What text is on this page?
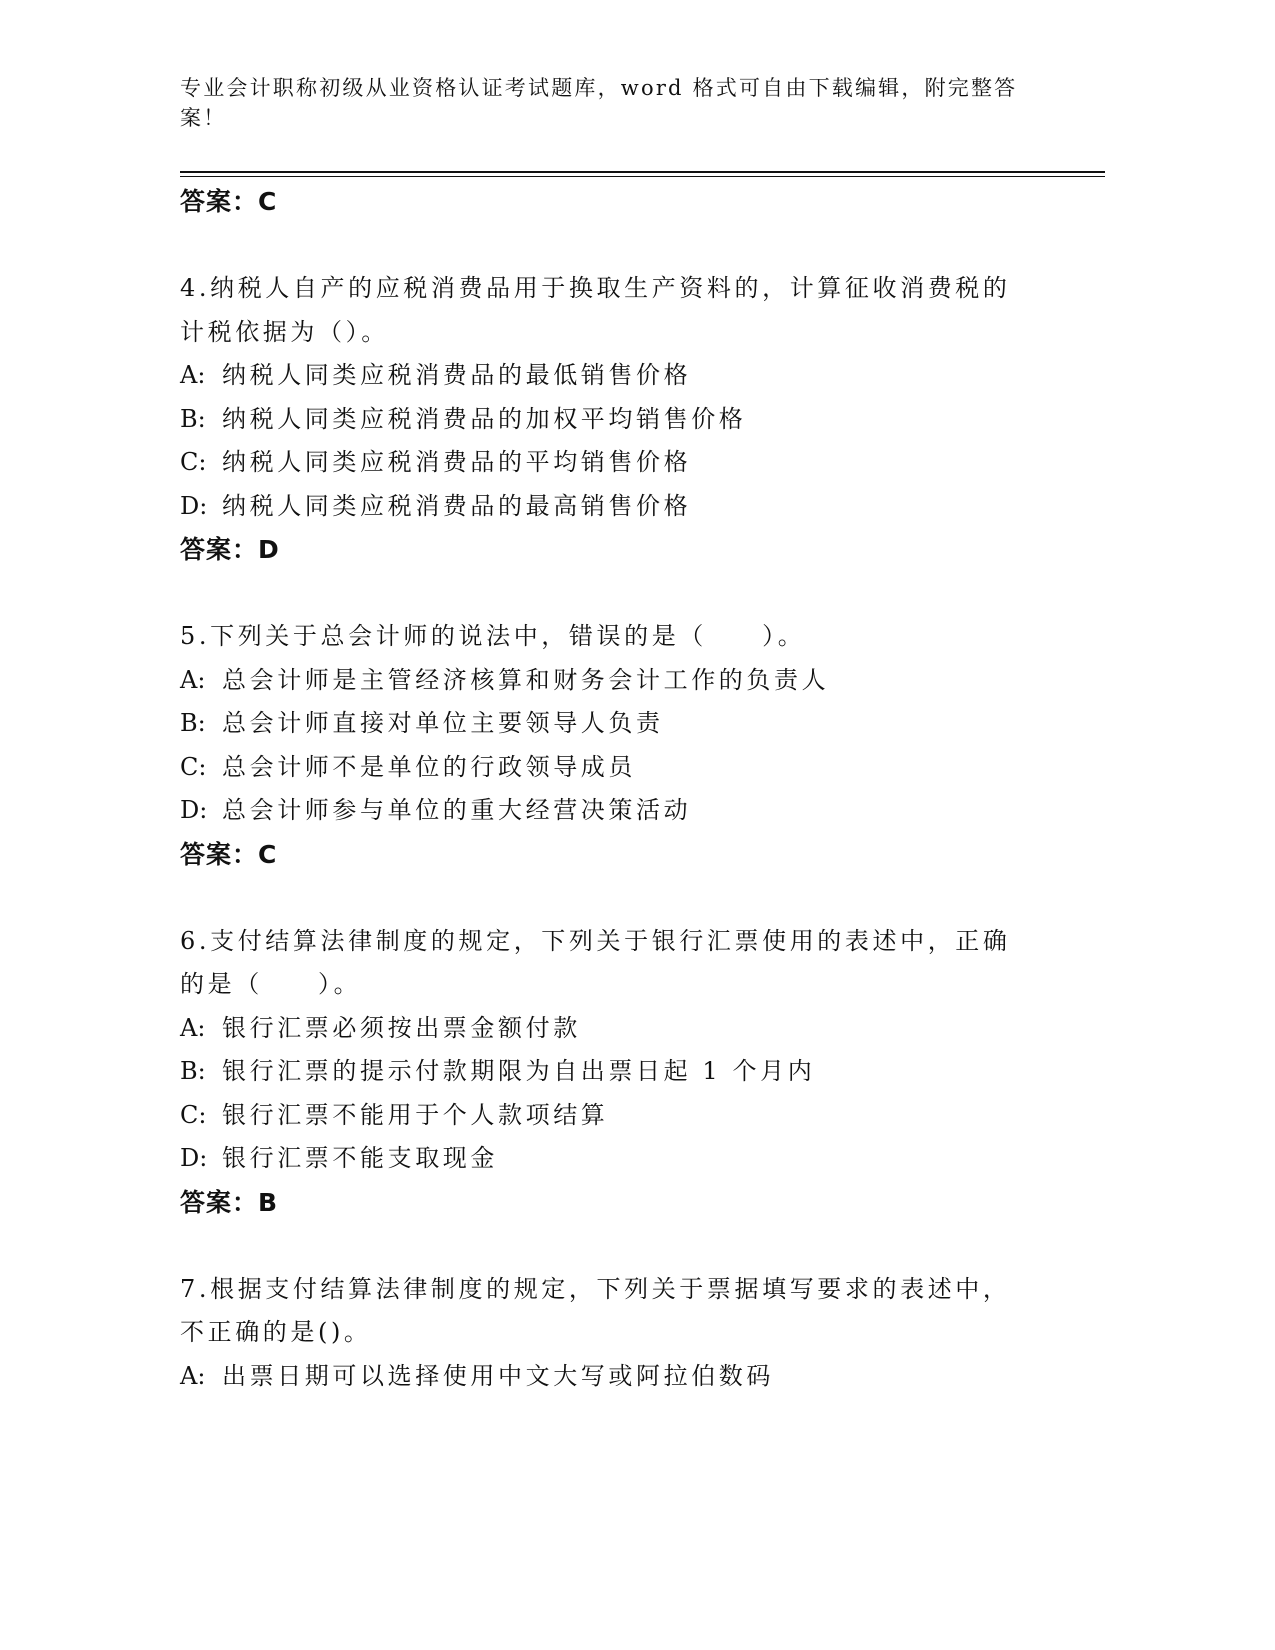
专业会计职称初级从业资格认证考试题库，word 格式可自由下载编辑，附完整答
案！
答案：C
4.纳税人自产的应税消费品用于换取生产资料的，计算征收消费税的
计税依据为（）。
A: 纳税人同类应税消费品的最低销售价格
B: 纳税人同类应税消费品的加权平均销售价格
C: 纳税人同类应税消费品的平均销售价格
D: 纳税人同类应税消费品的最高销售价格
答案：D
5.下列关于总会计师的说法中，错误的是（　　）。
A: 总会计师是主管经济核算和财务会计工作的负责人
B: 总会计师直接对单位主要领导人负责
C: 总会计师不是单位的行政领导成员
D: 总会计师参与单位的重大经营决策活动
答案：C
6.支付结算法律制度的规定，下列关于银行汇票使用的表述中，正确
的是（　　）。
A: 银行汇票必须按出票金额付款
B: 银行汇票的提示付款期限为自出票日起 1 个月内
C: 银行汇票不能用于个人款项结算
D: 银行汇票不能支取现金
答案：B
7.根据支付结算法律制度的规定，下列关于票据填写要求的表述中，
不正确的是()。
A: 出票日期可以选择使用中文大写或阿拉伯数码
